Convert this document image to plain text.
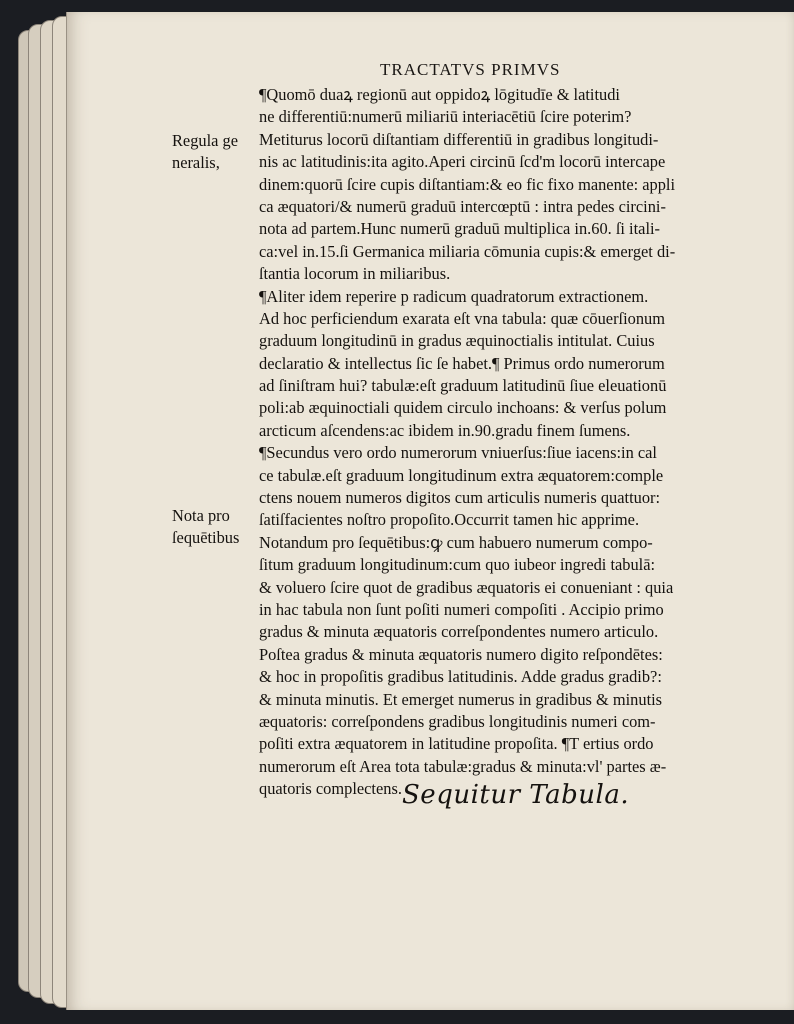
TRACTATVS PRIMVS
Regula ge
neralis,
Nota pro
ſequētibus
¶Quomō duaꝝ regionū aut oppidoꝝ lōgitudīe & latitudi
ne differentiū:numerū miliariū interiacētiū ſcire poterim?
Metiturus locorū diſtantiam differentiū in gradibus longitudi-
nis ac latitudinis:ita agito.Aperi circinū ſcd'm locorū intercape
dinem:quorū ſcire cupis diſtantiam:& eo fic fixo manente: appli
ca æquatori/& numerū graduū intercœptū : intra pedes circini-
nota ad partem.Hunc numerū graduū multiplica in.60. ſi itali-
ca:vel in.15.ſi Germanica miliaria cōmunia cupis:& emerget di-
ſtantia locorum in miliaribus.
¶Aliter idem reperire p radicum quadratorum extractionem.
Ad hoc perficiendum exarata eſt vna tabula: quæ cōuerſionum
graduum longitudinū in gradus æquinoctialis intitulat. Cuius
declaratio & intellectus ſic ſe habet.¶ Primus ordo numerorum
ad ſiniſtram hui? tabulæ:eſt graduum latitudinū ſiue eleuationū
poli:ab æquinoctiali quidem circulo inchoans: & verſus polum
arcticum aſcendens:ac ibidem in.90.gradu finem ſumens.
¶Secundus vero ordo numerorum vniuerſus:ſiue iacens:in cal
ce tabulæ.eſt graduum longitudinum extra æquatorem:comple
ctens nouem numeros digitos cum articulis numeris quattuor:
ſatiſfacientes noſtro propoſito.Occurrit tamen hic apprime.
Notandum pro ſequētibus:ꝙ cum habuero numerum compo-
ſitum graduum longitudinum:cum quo iubeor ingredi tabulā:
& voluero ſcire quot de gradibus æquatoris ei conueniant : quia
in hac tabula non ſunt poſiti numeri compoſiti . Accipio primo
gradus & minuta æquatoris correſpondentes numero articulo.
Poſtea gradus & minuta æquatoris numero digito reſpondētes:
& hoc in propoſitis gradibus latitudinis. Adde gradus gradib?:
& minuta minutis. Et emerget numerus in gradibus & minutis
æquatoris: correſpondens gradibus longitudinis numeri com-
poſiti extra æquatorem in latitudine propoſita. ¶T ertius ordo
numerorum eſt Area tota tabulæ:gradus & minuta:vl' partes æ-
quatoris complectens. Sequitur Tabula.
